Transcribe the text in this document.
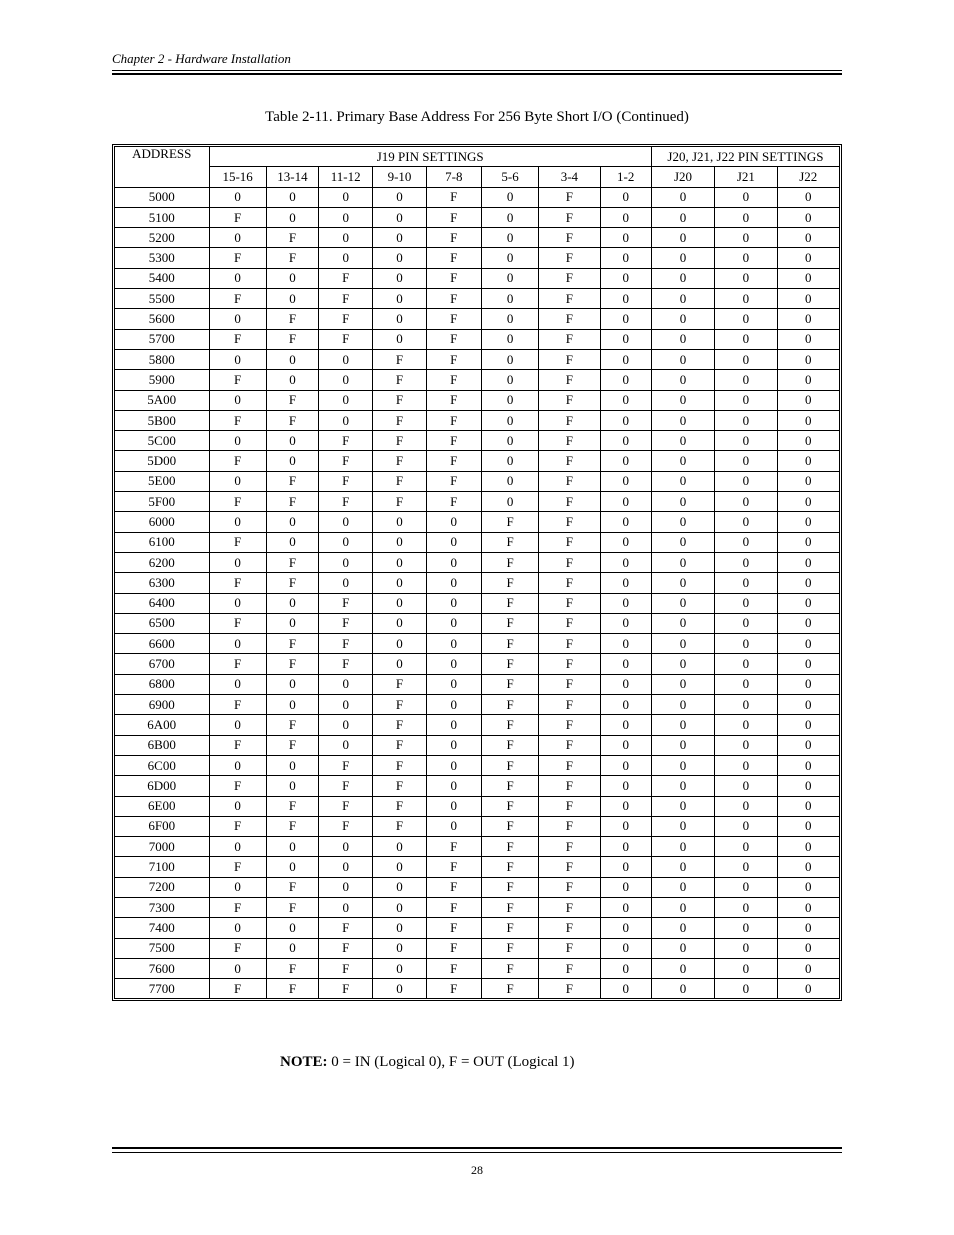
Chapter 2 - Hardware Installation
Table 2-11. Primary Base Address For 256 Byte Short I/O (Continued)
ADDRESS	J19 PIN SETTINGS								J20, J21, J22 PIN SETTINGS		
	15-16	13-14	11-12	9-10	7-8	5-6	3-4	1-2	J20	J21	J22
5000	0	0	0	0	F	0	F	0	0	0	0
5100	F	0	0	0	F	0	F	0	0	0	0
5200	0	F	0	0	F	0	F	0	0	0	0
5300	F	F	0	0	F	0	F	0	0	0	0
5400	0	0	F	0	F	0	F	0	0	0	0
5500	F	0	F	0	F	0	F	0	0	0	0
5600	0	F	F	0	F	0	F	0	0	0	0
5700	F	F	F	0	F	0	F	0	0	0	0
5800	0	0	0	F	F	0	F	0	0	0	0
5900	F	0	0	F	F	0	F	0	0	0	0
5A00	0	F	0	F	F	0	F	0	0	0	0
5B00	F	F	0	F	F	0	F	0	0	0	0
5C00	0	0	F	F	F	0	F	0	0	0	0
5D00	F	0	F	F	F	0	F	0	0	0	0
5E00	0	F	F	F	F	0	F	0	0	0	0
5F00	F	F	F	F	F	0	F	0	0	0	0
6000	0	0	0	0	0	F	F	0	0	0	0
6100	F	0	0	0	0	F	F	0	0	0	0
6200	0	F	0	0	0	F	F	0	0	0	0
6300	F	F	0	0	0	F	F	0	0	0	0
6400	0	0	F	0	0	F	F	0	0	0	0
6500	F	0	F	0	0	F	F	0	0	0	0
6600	0	F	F	0	0	F	F	0	0	0	0
6700	F	F	F	0	0	F	F	0	0	0	0
6800	0	0	0	F	0	F	F	0	0	0	0
6900	F	0	0	F	0	F	F	0	0	0	0
6A00	0	F	0	F	0	F	F	0	0	0	0
6B00	F	F	0	F	0	F	F	0	0	0	0
6C00	0	0	F	F	0	F	F	0	0	0	0
6D00	F	0	F	F	0	F	F	0	0	0	0
6E00	0	F	F	F	0	F	F	0	0	0	0
6F00	F	F	F	F	0	F	F	0	0	0	0
7000	0	0	0	0	F	F	F	0	0	0	0
7100	F	0	0	0	F	F	F	0	0	0	0
7200	0	F	0	0	F	F	F	0	0	0	0
7300	F	F	0	0	F	F	F	0	0	0	0
7400	0	0	F	0	F	F	F	0	0	0	0
7500	F	0	F	0	F	F	F	0	0	0	0
7600	0	F	F	0	F	F	F	0	0	0	0
7700	F	F	F	0	F	F	F	0	0	0	0
NOTE: 0 = IN (Logical 0), F = OUT (Logical 1)
28
